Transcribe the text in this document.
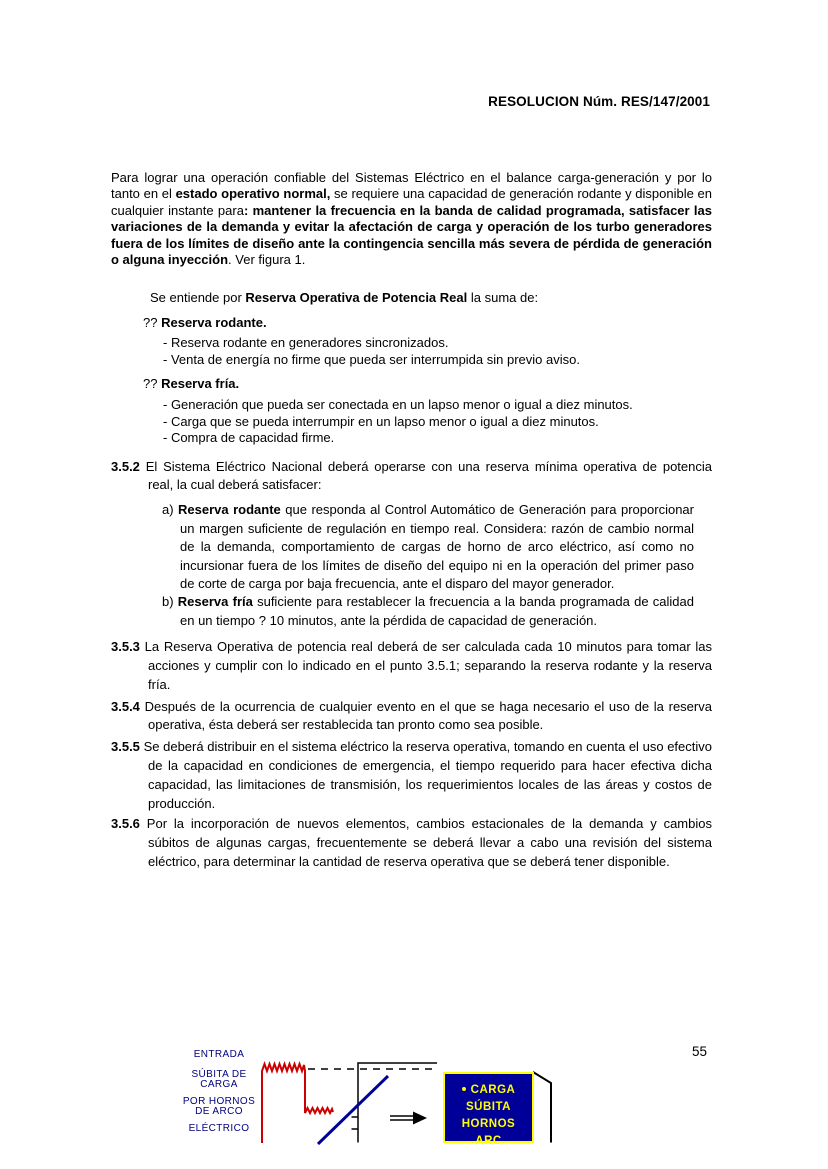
RESOLUCION Núm. RES/147/2001

Para lograr una operación confiable del Sistemas Eléctrico en el balance carga-generación y por lo tanto en el estado operativo normal, se requiere una capacidad de generación rodante y disponible en cualquier instante para: mantener la frecuencia en la banda de calidad programada, satisfacer las variaciones de la demanda y evitar la afectación de carga y operación de los turbo generadores fuera de los límites de diseño ante la contingencia sencilla más severa de pérdida de generación o alguna inyección. Ver figura 1.

Se entiende por Reserva Operativa de Potencia Real la suma de:

?? Reserva rodante.

- Reserva rodante en generadores sincronizados.

- Venta de energía no firme que pueda ser interrumpida sin previo aviso.

?? Reserva fría.

- Generación que pueda ser conectada en un lapso menor o igual a diez minutos.

- Carga que se pueda interrumpir en un lapso menor o igual a diez minutos.

- Compra de capacidad firme.

3.5.2 El Sistema Eléctrico Nacional deberá operarse con una reserva mínima operativa de potencia real, la cual deberá satisfacer:

a) Reserva rodante que responda al Control Automático de Generación para proporcionar un margen suficiente de regulación en tiempo real. Considera: razón de cambio normal de la demanda, comportamiento de cargas de horno de arco eléctrico, así como no incursionar fuera de los límites de diseño del equipo ni en la operación del primer paso de corte de carga por baja frecuencia, ante el disparo del mayor generador.

b) Reserva fría suficiente para restablecer la frecuencia a la banda programada de calidad en un tiempo ? 10 minutos, ante la pérdida de capacidad de generación.

3.5.3 La Reserva Operativa de potencia real deberá de ser calculada cada 10 minutos para tomar las acciones y cumplir con lo indicado en el punto 3.5.1; separando la reserva rodante y la reserva fría.

3.5.4 Después de la ocurrencia de cualquier evento en el que se haga necesario el uso de la reserva operativa, ésta deberá ser restablecida tan pronto como sea posible.

3.5.5 Se deberá distribuir en el sistema eléctrico la reserva operativa, tomando en cuenta el uso efectivo de la capacidad en condiciones de emergencia, el tiempo requerido para hacer efectiva dicha capacidad, las limitaciones de transmisión, los requerimientos locales de las áreas y costos de producción.

3.5.6 Por la incorporación de nuevos elementos, cambios estacionales de la demanda y cambios súbitos de algunas cargas, frecuentemente se deberá llevar a cabo una revisión del sistema eléctrico, para determinar la cantidad de reserva operativa que se deberá tener disponible.

55
ENTRADA
SÚBITA DE
CARGA
POR HORNOS
DE ARCO
ELÉCTRICO
CARGA
SÚBITA
HORNOS
ARC
